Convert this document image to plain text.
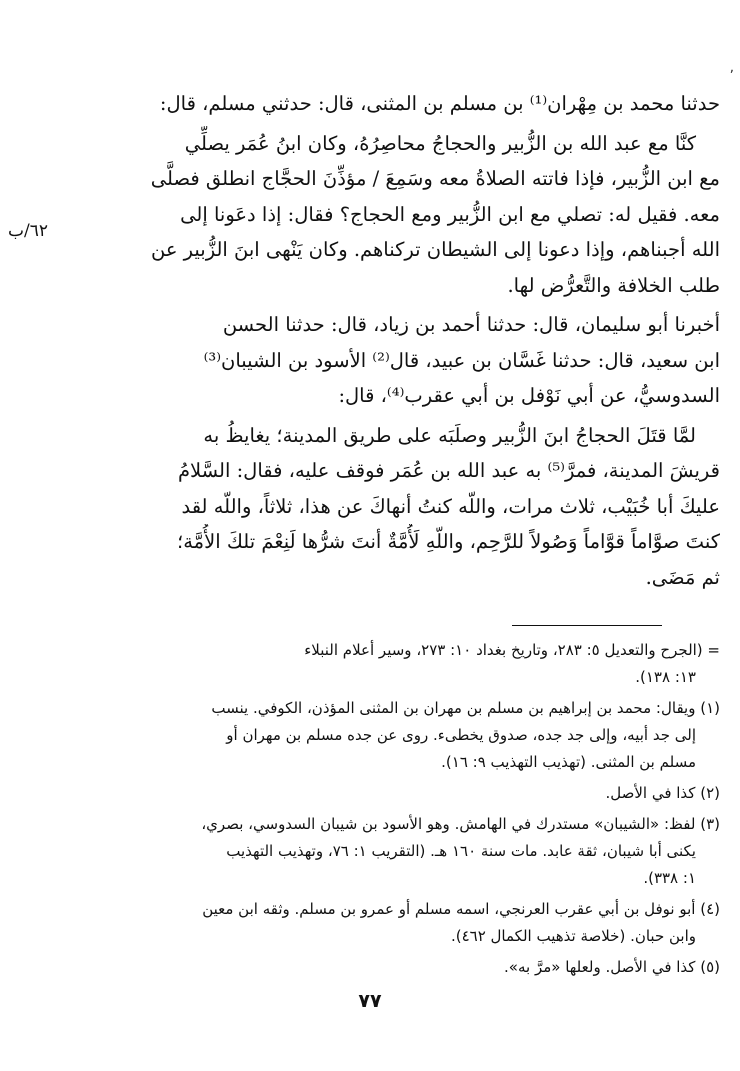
٬
٦٢/ب

حدثنا محمد بن مِهْران⁽¹⁾ بن مسلم بن المثنى، قال: حدثني مسلم، قال:

كنَّا مع عبد الله بن الزُّبير والحجاجُ محاصِرُهُ، وكان ابنُ عُمَر يصلِّي
مع ابن الزُّبير، فإذا فاتته الصلاةُ معه وسَمِعَ / مؤذِّنَ الحجَّاج انطلق فصلَّى
معه. فقيل له: تصلي مع ابن الزُّبير ومع الحجاج؟ فقال: إذا دعَونا إلى
الله أجبناهم، وإذا دعونا إلى الشيطان تركناهم. وكان يَنْهى ابنَ الزُّبير عن
طلب الخلافة والتَّعرُّض لها.

أخبرنا أبو سليمان، قال: حدثنا أحمد بن زياد، قال: حدثنا الحسن
ابن سعيد، قال: حدثنا غَسَّان بن عبيد، قال⁽²⁾ الأسود بن الشيبان⁽³⁾
السدوسيُّ، عن أبي نَوْفل بن أبي عقرب⁽⁴⁾، قال:

لمَّا قتَلَ الحجاجُ ابنَ الزُّبير وصلَبَه على طريق المدينة؛ يغايظُ به
قريشَ المدينة، فمرَّ⁽⁵⁾ به عبد الله بن عُمَر فوقف عليه، فقال: السَّلامُ
عليكَ أبا خُبَيْب، ثلاث مرات، واللّه كنتُ أنهاكَ عن هذا، ثلاثاً، واللّه لقد
كنتَ صوَّاماً قوَّاماً وَصُولاً للرَّحِم، واللّهِ لَأُمَّةٌ أنتَ شرُّها لَنِعْمَ تلكَ الأُمَّة؛
ثم مَضَى.

= (الجرح والتعديل ٥: ٢٨٣، وتاريخ بغداد ١٠: ٢٧٣، وسير أعلام النبلاء
١٣: ١٣٨).
(١) ويقال: محمد بن إبراهيم بن مسلم بن مهران بن المثنى المؤذن، الكوفي. ينسب
إلى جد أبيه، وإلى جد جده، صدوق يخطىء. روى عن جده مسلم بن مهران أو
مسلم بن المثنى. (تهذيب التهذيب ٩: ١٦).
(٢) كذا في الأصل.
(٣) لفظ: «الشيبان» مستدرك في الهامش. وهو الأسود بن شيبان السدوسي، بصري،
يكنى أبا شيبان، ثقة عابد. مات سنة ١٦٠ هـ. (التقريب ١: ٧٦، وتهذيب التهذيب
١: ٣٣٨).
(٤) أبو نوفل بن أبي عقرب العرنجي، اسمه مسلم أو عمرو بن مسلم. وثقه ابن معين
وابن حبان. (خلاصة تذهيب الكمال ٤٦٢).
(٥) كذا في الأصل. ولعلها «مرَّ به».
٧٧
